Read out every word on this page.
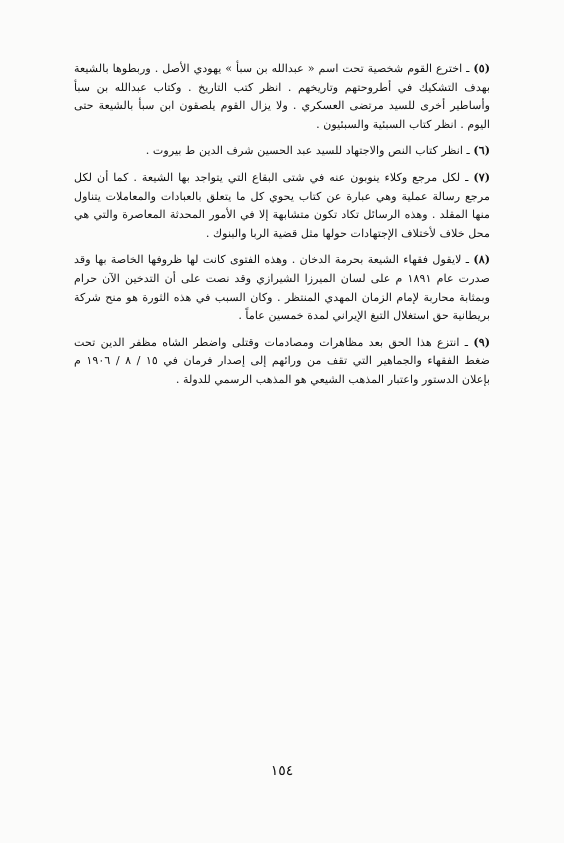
(٥) ـ اخترع القوم شخصية تحت اسم « عبدالله بن سبأ » يهودي الأصل . وربطوها بالشيعة بهدف التشكيك في أطروحتهم وتاريخهم . انظر كتب التاريخ . وكتاب عبدالله بن سبأ وأساطير أخرى للسيد مرتضى العسكري . ولا يزال القوم يلصقون ابن سبأ بالشيعة حتى اليوم . انظر كتاب السبئية والسبئيون .

(٦) ـ انظر كتاب النص والاجتهاد للسيد عبد الحسين شرف الدين ط بيروت .

(٧) ـ لكل مرجع وكلاء ينوبون عنه في شتى البقاع التي يتواجد بها الشيعة . كما أن لكل مرجع رسالة عملية وهي عبارة عن كتاب يحوي كل ما يتعلق بالعبادات والمعاملات يتناول منها المقلد . وهذه الرسائل تكاد تكون متشابهة إلا في الأمور المحدثة المعاصرة والتي هي محل خلاف لأختلاف الإجتهادات حولها مثل قضية الربا والبنوك .

(٨) ـ لايقول فقهاء الشيعة بحرمة الدخان . وهذه الفتوى كانت لها ظروفها الخاصة بها وقد صدرت عام ١٨٩١ م على لسان الميرزا الشيرازي وقد نصت على أن التدخين الآن حرام وبمثابة محاربة لإمام الزمان المهدي المنتظر . وكان السبب في هذه الثورة هو منح شركة بريطانية حق استغلال التبغ الإيراني لمدة خمسين عاماً .

(٩) ـ انتزع هذا الحق بعد مظاهرات ومصادمات وقتلى واضطر الشاه مظفر الدين تحت ضغط الفقهاء والجماهير التي تقف من ورائهم إلى إصدار فرمان في ١٥ / ٨ / ١٩٠٦ م بإعلان الدستور واعتبار المذهب الشيعي هو المذهب الرسمي للدولة .

١٥٤
